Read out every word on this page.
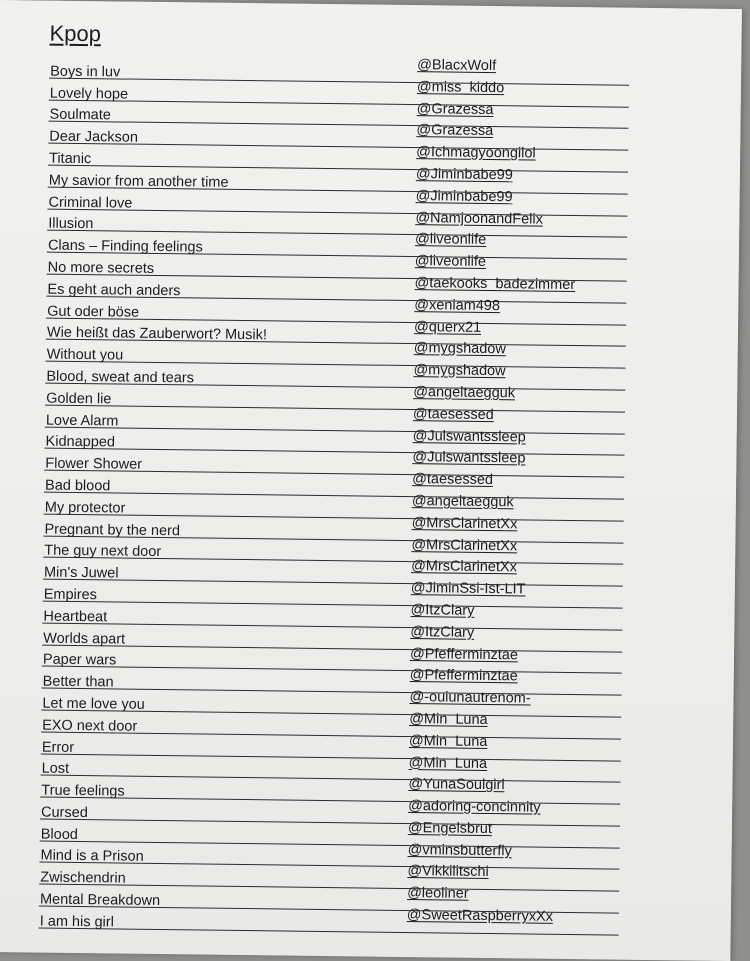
Kpop
Boys in luv	@BlacxWolf
Lovely hope	@miss_kiddo
Soulmate	@Grazessa
Dear Jackson	@Grazessa
Titanic	@Ichmagyoongilol
My savior from another time	@Jiminbabe99
Criminal love	@Jiminbabe99
Illusion	@NamjoonandFelix
Clans – Finding feelings	@liveonlife
No more secrets	@liveonlife
Es geht auch anders	@taekooks_badezimmer
Gut oder böse	@xeniam498
Wie heißt das Zauberwort? Musik!	@querx21
Without you	@mygshadow
Blood, sweat and tears	@mygshadow
Golden lie	@angeltaegguk
Love Alarm	@taesessed
Kidnapped	@Julswantssleep
Flower Shower	@Julswantssleep
Bad blood	@taesessed
My protector	@angeltaegguk
Pregnant by the nerd	@MrsClarinetXx
The guy next door	@MrsClarinetXx
Min's Juwel	@MrsClarinetXx
Empires	@JiminSsi-Ist-LIT
Heartbeat	@ItzClary
Worlds apart	@ItzClary
Paper wars	@Pfefferminztae
Better than	@Pfefferminztae
Let me love you	@-ouiunautrenom-
EXO next door	@Min_Luna
Error	@Min_Luna
Lost	@Min_Luna
True feelings	@YunaSoulgirl
Cursed	@adoring-concinnity
Blood	@Engelsbrut
Mind is a Prison	@vminsbutterfly
Zwischendrin	@Vikkilitschi
Mental Breakdown	@leoliner
I am his girl	@SweetRaspberryxXx
